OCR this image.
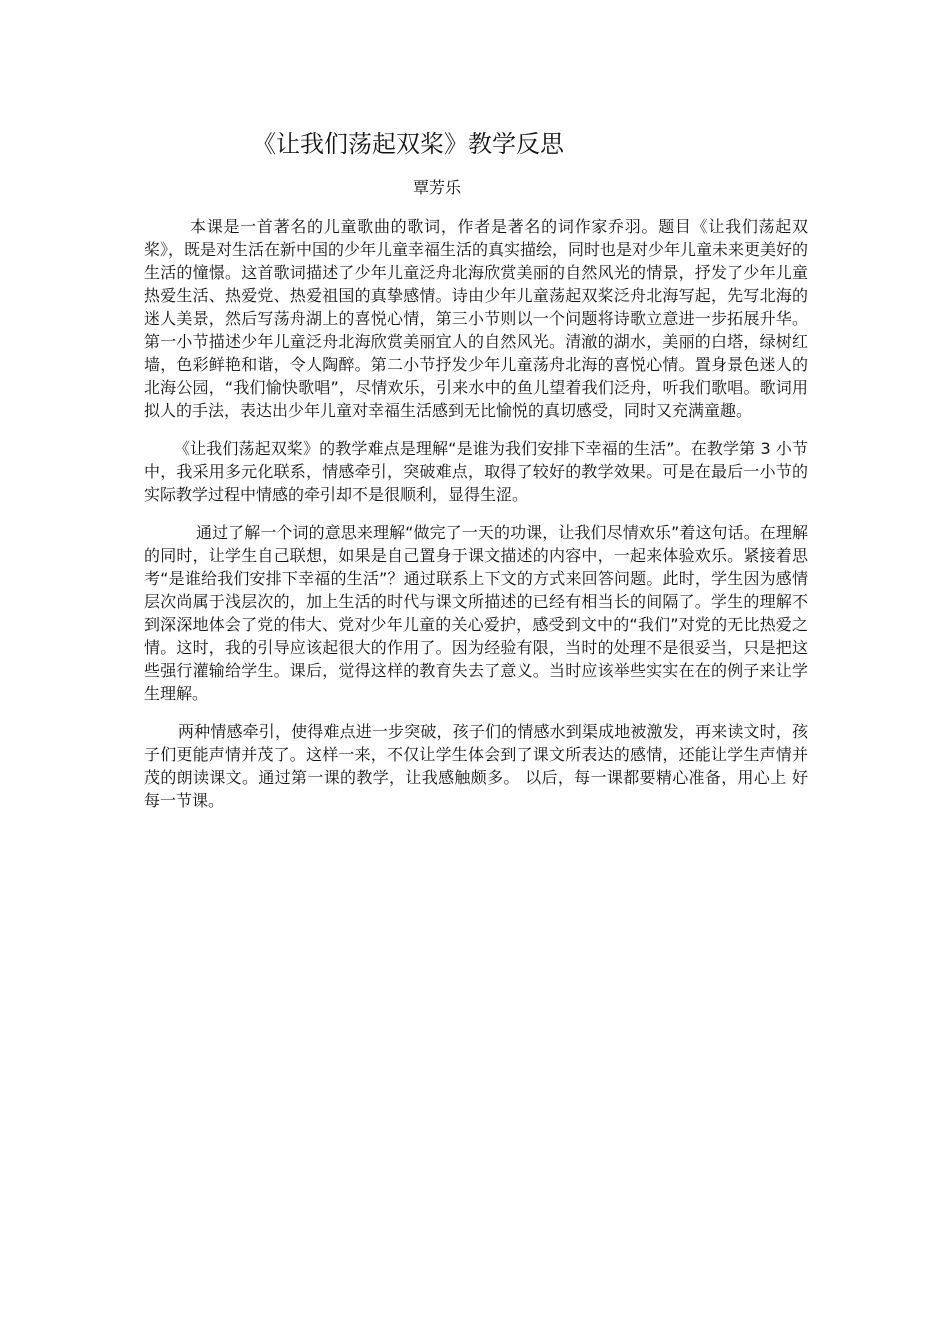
《让我们荡起双桨》教学反思
覃芳乐

本课是一首著名的儿童歌曲的歌词，作者是著名的词作家乔羽。题目《让我们荡起双桨》，既是对生活在新中国的少年儿童幸福生活的真实描绘，同时也是对少年儿童未来更美好的生活的憧憬。这首歌词描述了少年儿童泛舟北海欣赏美丽的自然风光的情景，抒发了少年儿童热爱生活、热爱党、热爱祖国的真挚感情。诗由少年儿童荡起双桨泛舟北海写起，先写北海的迷人美景，然后写荡舟湖上的喜悦心情，第三小节则以一个问题将诗歌立意进一步拓展升华。第一小节描述少年儿童泛舟北海欣赏美丽宜人的自然风光。清澈的湖水，美丽的白塔，绿树红墙，色彩鲜艳和谐，令人陶醉。第二小节抒发少年儿童荡舟北海的喜悦心情。置身景色迷人的北海公园，“我们愉快歌唱”，尽情欢乐，引来水中的鱼儿望着我们泛舟，听我们歌唱。歌词用拟人的手法，表达出少年儿童对幸福生活感到无比愉悦的真切感受，同时又充满童趣。

《让我们荡起双桨》的教学难点是理解“是谁为我们安排下幸福的生活”。在教学第 3 小节中，我采用多元化联系，情感牵引，突破难点，取得了较好的教学效果。可是在最后一小节的实际教学过程中情感的牵引却不是很顺利，显得生涩。

通过了解一个词的意思来理解“做完了一天的功课，让我们尽情欢乐”着这句话。在理解的同时，让学生自己联想，如果是自己置身于课文描述的内容中，一起来体验欢乐。紧接着思考“是谁给我们安排下幸福的生活”？通过联系上下文的方式来回答问题。此时，学生因为感情层次尚属于浅层次的，加上生活的时代与课文所描述的已经有相当长的间隔了。学生的理解不到深深地体会了党的伟大、党对少年儿童的关心爱护，感受到文中的“我们”对党的无比热爱之情。这时，我的引导应该起很大的作用了。因为经验有限，当时的处理不是很妥当，只是把这些强行灌输给学生。课后，觉得这样的教育失去了意义。当时应该举些实实在在的例子来让学生理解。

两种情感牵引，使得难点进一步突破，孩子们的情感水到渠成地被激发，再来读文时，孩子们更能声情并茂了。这样一来，不仅让学生体会到了课文所表达的感情，还能让学生声情并茂的朗读课文。通过第一课的教学，让我感触颇多。 以后，每一课都要精心准备，用心上 好每一节课。
